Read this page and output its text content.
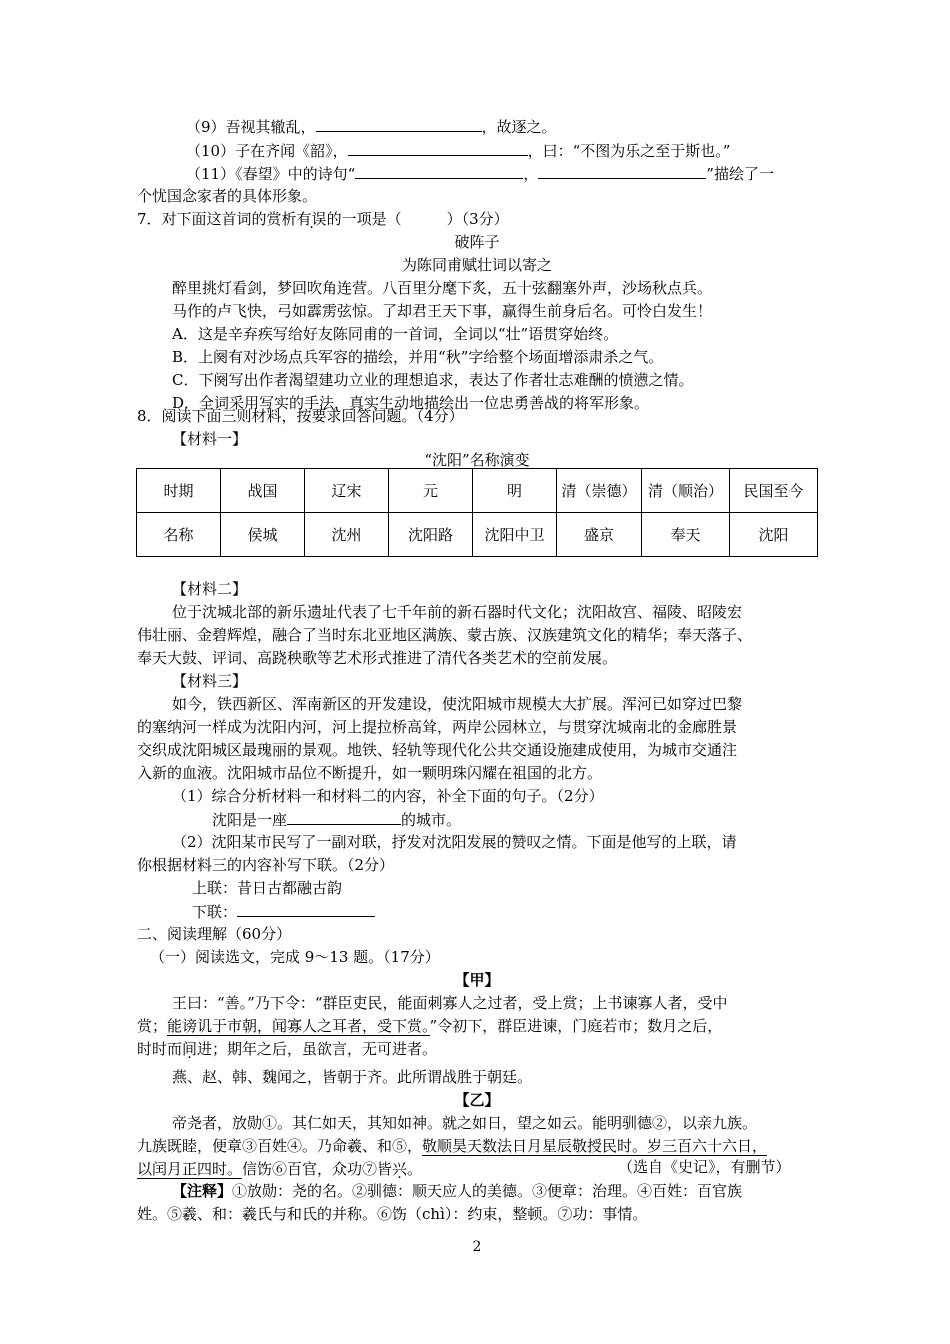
（9）吾视其辙乱，	，故逐之。
（10）子在齐闻《韶》，	，曰：“不图为乐之至于斯也。”
（11）《春望》中的诗句“	，	”描绘了一
个忧国念家者的具体形象。
7．对下面这首词的赏析有误的一项是（　　　）（3分）
破阵子
为陈同甫赋壮词以寄之
醉里挑灯看剑，梦回吹角连营。八百里分麾下炙，五十弦翻塞外声，沙场秋点兵。
马作的卢飞快，弓如霹雳弦惊。了却君王天下事，赢得生前身后名。可怜白发生！
A．这是辛弃疾写给好友陈同甫的一首词，全词以“壮”语贯穿始终。
B．上阕有对沙场点兵军容的描绘，并用“秋”字给整个场面增添肃杀之气。
C．下阕写出作者渴望建功立业的理想追求，表达了作者壮志难酬的愤懑之情。
D．全词采用写实的手法，真实生动地描绘出一位忠勇善战的将军形象。
8．阅读下面三则材料，按要求回答问题。（4分）
【材料一】
“沈阳”名称演变
时期	战国	辽宋	元	明	清（崇德）	清（顺治）	民国至今
名称	侯城	沈州	沈阳路	沈阳中卫	盛京	奉天	沈阳
【材料二】
位于沈城北部的新乐遗址代表了七千年前的新石器时代文化；沈阳故宫、福陵、昭陵宏
伟壮丽、金碧辉煌，融合了当时东北亚地区满族、蒙古族、汉族建筑文化的精华；奉天落子、
奉天大鼓、评词、高跷秧歌等艺术形式推进了清代各类艺术的空前发展。
【材料三】
如今，铁西新区、浑南新区的开发建设，使沈阳城市规模大大扩展。浑河已如穿过巴黎
的塞纳河一样成为沈阳内河，河上提拉桥高耸，两岸公园林立，与贯穿沈城南北的金廊胜景
交织成沈阳城区最瑰丽的景观。地铁、轻轨等现代化公共交通设施建成使用，为城市交通注
入新的血液。沈阳城市品位不断提升，如一颗明珠闪耀在祖国的北方。
（1）综合分析材料一和材料二的内容，补全下面的句子。（2分）
沈阳是一座	的城市。
（2）沈阳某市民写了一副对联，抒发对沈阳发展的赞叹之情。下面是他写的上联，请
你根据材料三的内容补写下联。（2分）
上联：昔日古都融古韵
下联：
二、阅读理解（60分）
（一）阅读选文，完成 9～13 题。（17分）
【甲】
王曰：“善。”乃下令：“群臣吏民，能面刺寡人之过者，受上赏；上书谏寡人者，受中
赏；能谤讥于市朝，闻寡人之耳者，受下赏。”令初下，群臣进谏，门庭若市；数月之后，
时时而间进；期年之后，虽欲言，无可进者。
燕、赵、韩、魏闻之，皆朝于齐。此所谓战胜于朝廷。
【乙】
帝尧者，放勋①。其仁如天，其知如神。就之如日，望之如云。能明驯德②，以亲九族。
九族既睦，便章③百姓④。乃命羲、和⑤，敬顺昊天数法日月星辰敬授民时。岁三百六十六日，
以闰月正四时。信饬⑥百官，众功⑦皆兴。	（选自《史记》，有删节）
【注释】①放勋：尧的名。②驯德：顺天应人的美德。③便章：治理。④百姓：百官族
姓。⑤羲、和：羲氏与和氏的并称。⑥饬（chì）：约束，整顿。⑦功：事情。
2
